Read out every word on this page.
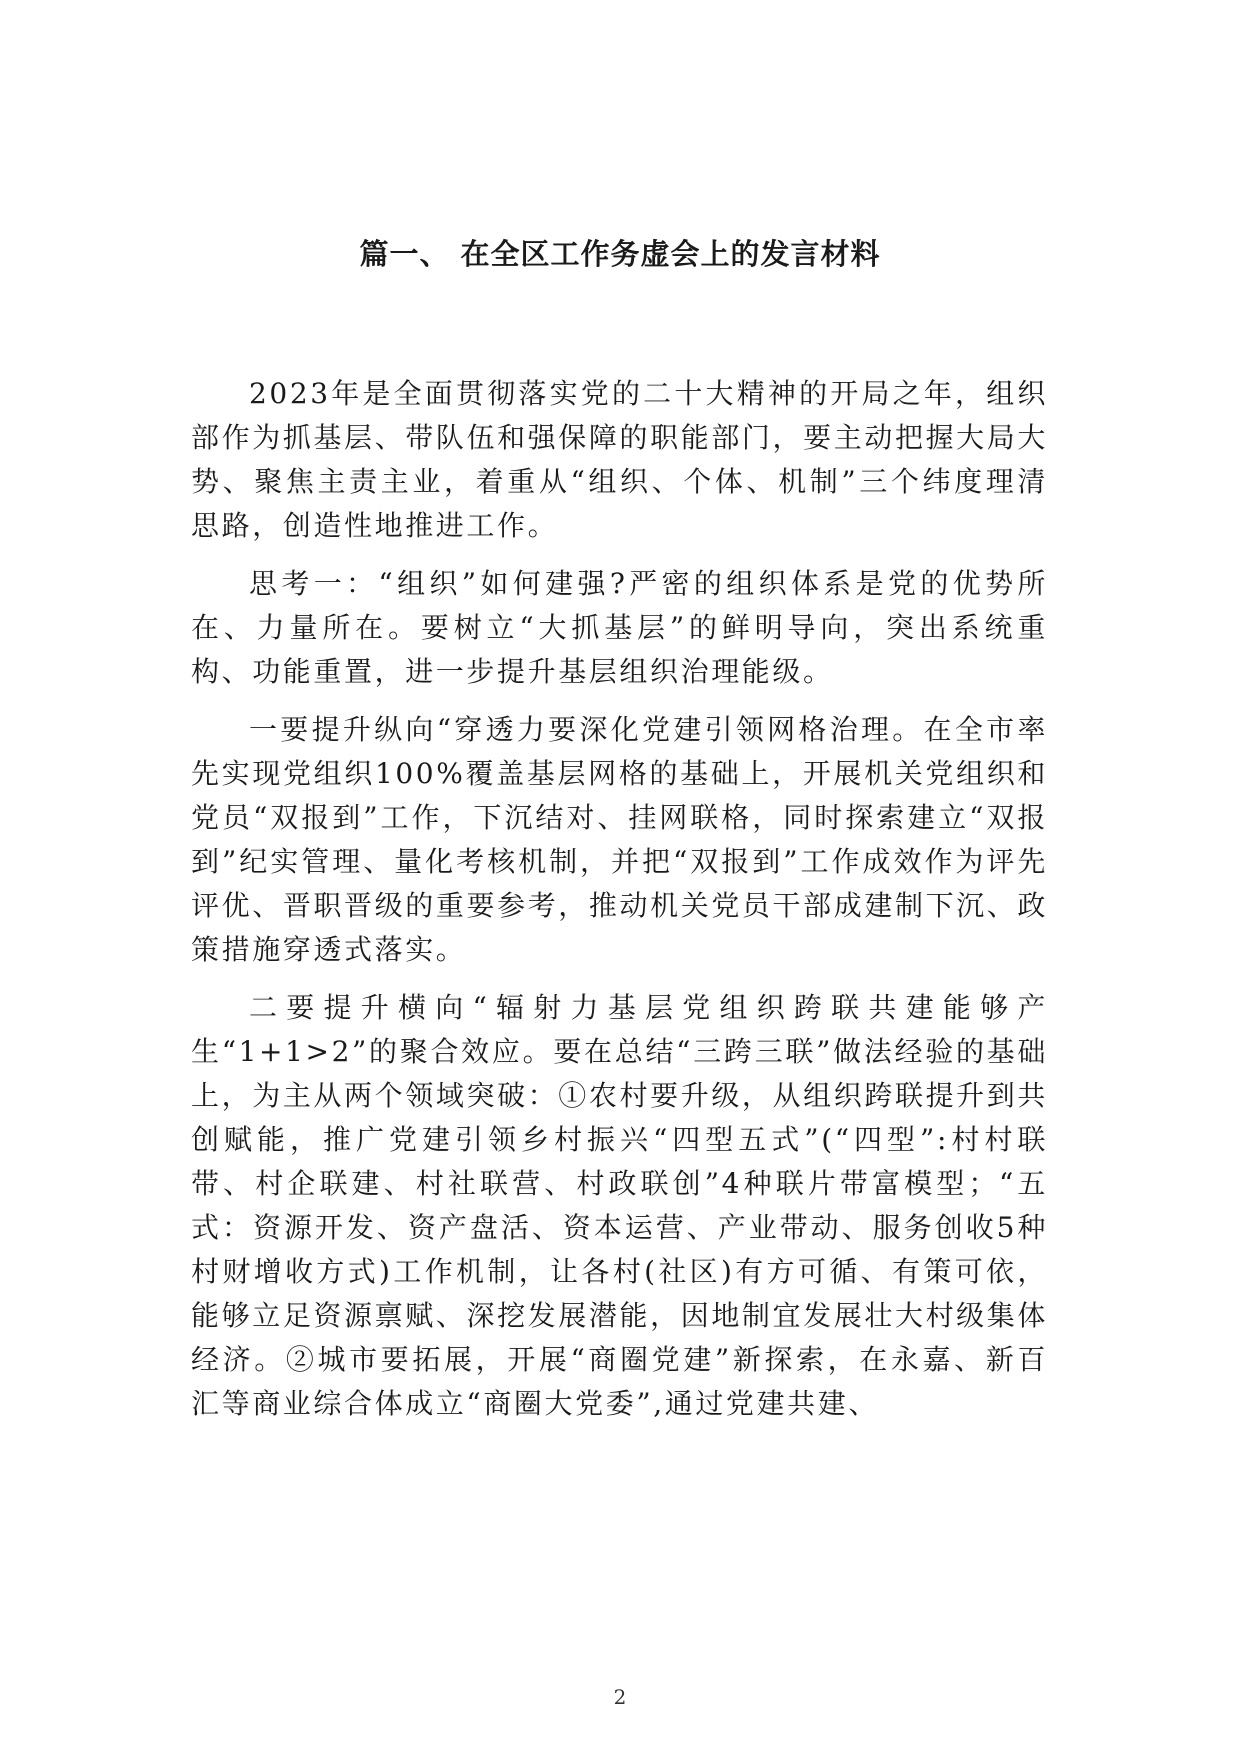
篇一、 在全区工作务虚会上的发言材料

2023年是全面贯彻落实党的二十大精神的开局之年，组织部作为抓基层、带队伍和强保障的职能部门，要主动把握大局大势、聚焦主责主业，着重从“组织、个体、机制”三个纬度理清思路，创造性地推进工作。

思考一：“组织”如何建强?严密的组织体系是党的优势所在、力量所在。要树立“大抓基层”的鲜明导向，突出系统重构、功能重置，进一步提升基层组织治理能级。

一要提升纵向“穿透力要深化党建引领网格治理。在全市率先实现党组织100%覆盖基层网格的基础上，开展机关党组织和党员“双报到”工作，下沉结对、挂网联格，同时探索建立“双报到”纪实管理、量化考核机制，并把“双报到”工作成效作为评先评优、晋职晋级的重要参考，推动机关党员干部成建制下沉、政策措施穿透式落实。

二要提升横向“辐射力基层党组织跨联共建能够产生“1+1>2”的聚合效应。要在总结“三跨三联”做法经验的基础上，为主从两个领域突破：①农村要升级，从组织跨联提升到共创赋能，推广党建引领乡村振兴“四型五式”(“四型”:村村联带、村企联建、村社联营、村政联创”4种联片带富模型；“五式：资源开发、资产盘活、资本运营、产业带动、服务创收5种村财增收方式)工作机制，让各村(社区)有方可循、有策可依，能够立足资源禀赋、深挖发展潜能，因地制宜发展壮大村级集体经济。②城市要拓展，开展“商圈党建”新探索，在永嘉、新百汇等商业综合体成立“商圈大党委”,通过党建共建、

2
